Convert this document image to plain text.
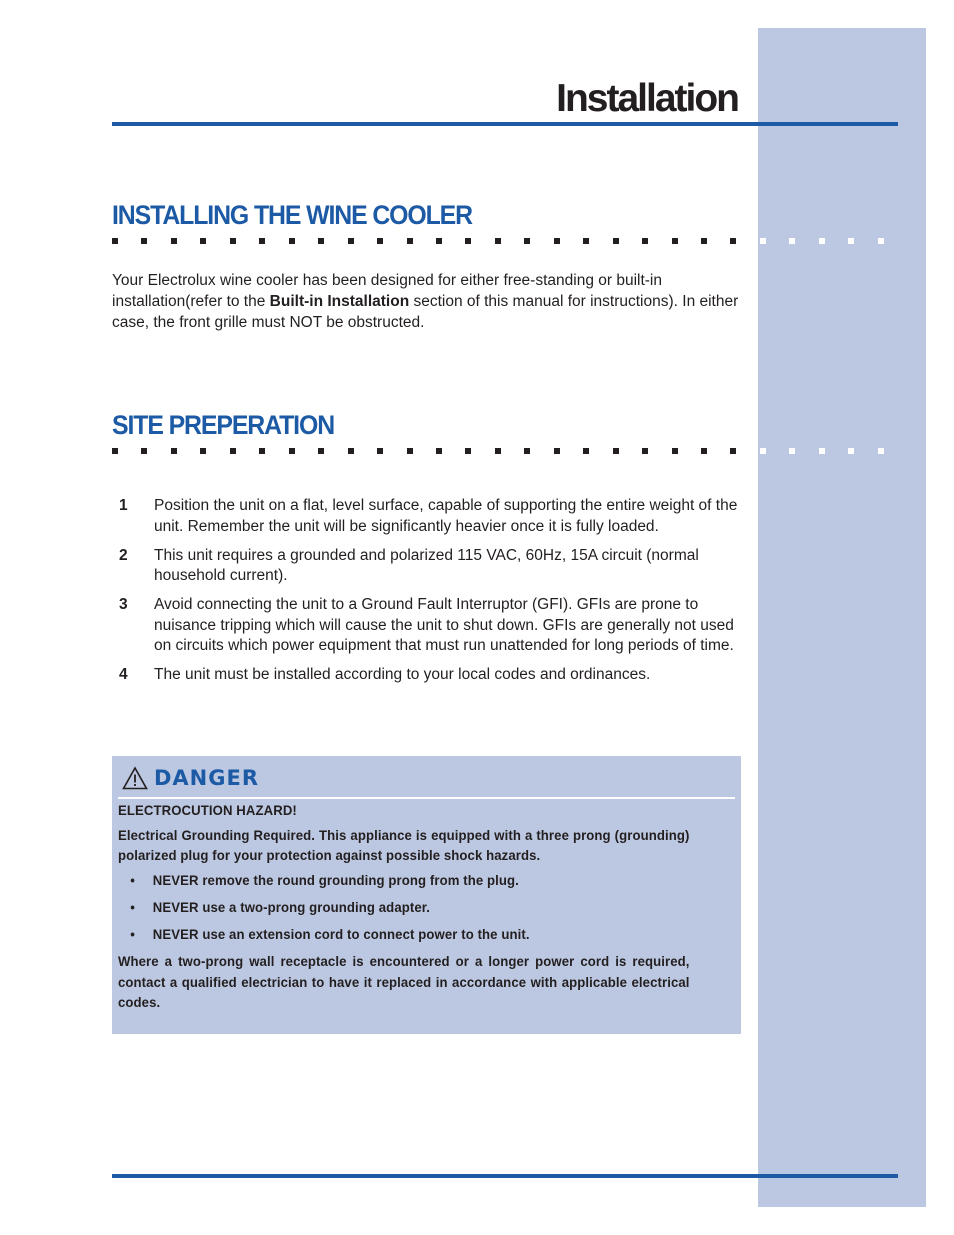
Installation
INSTALLING THE WINE COOLER

Your Electrolux wine cooler has been designed for either free-standing or built-in installation(refer to the Built-in Installation section of this manual for instructions). In either case, the front grille must NOT be obstructed.

SITE PREPERATION
1 Position the unit on a flat, level surface, capable of supporting the entire weight of the unit. Remember the unit will be significantly heavier once it is fully loaded.
2 This unit requires a grounded and polarized 115 VAC, 60Hz, 15A circuit (normal household current).
3 Avoid connecting the unit to a Ground Fault Interruptor (GFI). GFIs are prone to nuisance tripping which will cause the unit to shut down. GFIs are generally not used on circuits which power equipment that must run unattended for long periods of time.
4 The unit must be installed according to your local codes and ordinances.
DANGER

ELECTROCUTION HAZARD!

Electrical Grounding Required. This appliance is equipped with a three prong (grounding) polarized plug for your protection against possible shock hazards.

• NEVER remove the round grounding prong from the plug.
• NEVER use a two-prong grounding adapter.
• NEVER use an extension cord to connect power to the unit.

Where a two-prong wall receptacle is encountered or a longer power cord is required, contact a qualified electrician to have it replaced in accordance with applicable electrical codes.
